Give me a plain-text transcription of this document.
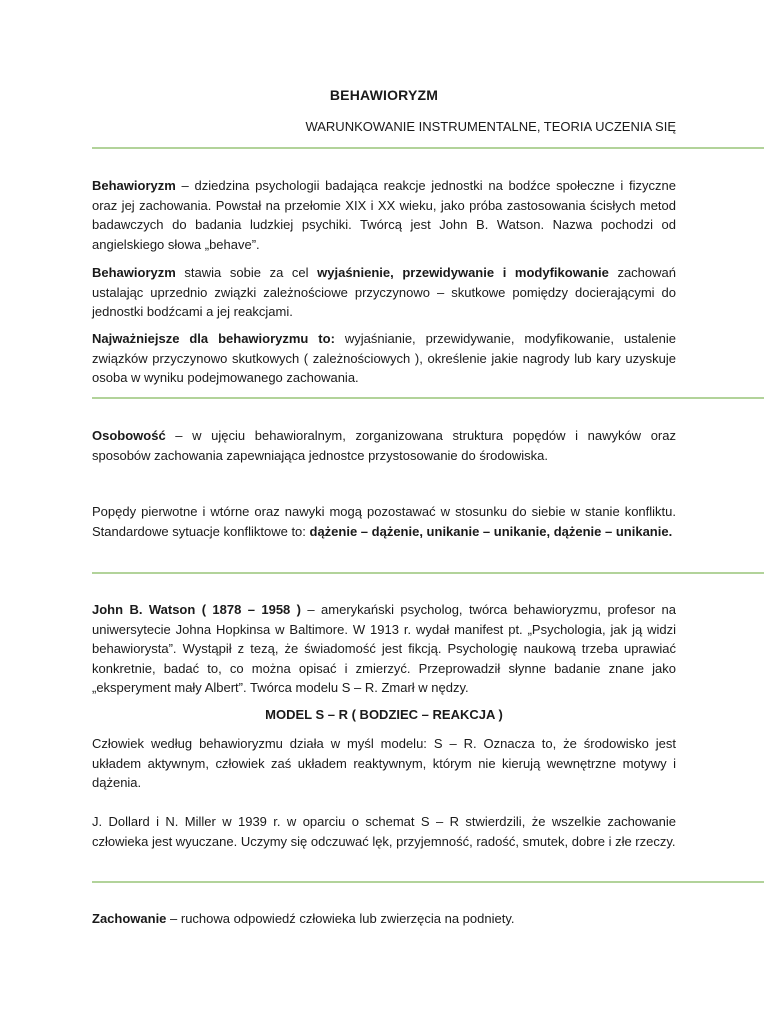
BEHAWIORYZM
WARUNKOWANIE INSTRUMENTALNE, TEORIA UCZENIA SIĘ

Behawioryzm – dziedzina psychologii badająca reakcje jednostki na bodźce społeczne i fizyczne oraz jej zachowania. Powstał na przełomie XIX i XX wieku, jako próba zastosowania ścisłych metod badawczych do badania ludzkiej psychiki. Twórcą jest John B. Watson. Nazwa pochodzi od angielskiego słowa „behave”.

Behawioryzm stawia sobie za cel wyjaśnienie, przewidywanie i modyfikowanie zachowań ustalając uprzednio związki zależnościowe przyczynowo – skutkowe pomiędzy docierającymi do jednostki bodźcami a jej reakcjami.

Najważniejsze dla behawioryzmu to: wyjaśnianie, przewidywanie, modyfikowanie, ustalenie związków przyczynowo skutkowych ( zależnościowych ), określenie jakie nagrody lub kary uzyskuje osoba w wyniku podejmowanego zachowania.

Osobowość – w ujęciu behawioralnym, zorganizowana struktura popędów i nawyków oraz sposobów zachowania zapewniająca jednostce przystosowanie do środowiska.

Popędy pierwotne i wtórne oraz nawyki mogą pozostawać w stosunku do siebie w stanie konfliktu. Standardowe sytuacje konfliktowe to: dążenie – dążenie, unikanie – unikanie, dążenie – unikanie.

John B. Watson ( 1878 – 1958 ) – amerykański psycholog, twórca behawioryzmu, profesor na uniwersytecie Johna Hopkinsa w Baltimore. W 1913 r. wydał manifest pt. „Psychologia, jak ją widzi behawiorysta”. Wystąpił z tezą, że świadomość jest fikcją. Psychologię naukową trzeba uprawiać konkretnie, badać to, co można opisać i zmierzyć. Przeprowadził słynne badanie znane jako „eksperyment mały Albert”. Twórca modelu S – R. Zmarł w nędzy.

MODEL S – R ( BODZIEC – REAKCJA )

Człowiek według behawioryzmu działa w myśl modelu: S – R. Oznacza to, że środowisko jest układem aktywnym, człowiek zaś układem reaktywnym, którym nie kierują wewnętrzne motywy i dążenia.

J. Dollard i N. Miller w 1939 r. w oparciu o schemat S – R stwierdzili, że wszelkie zachowanie człowieka jest wyuczane. Uczymy się odczuwać lęk, przyjemność, radość, smutek, dobre i złe rzeczy.

Zachowanie – ruchowa odpowiedź człowieka lub zwierzęcia na podniety.
